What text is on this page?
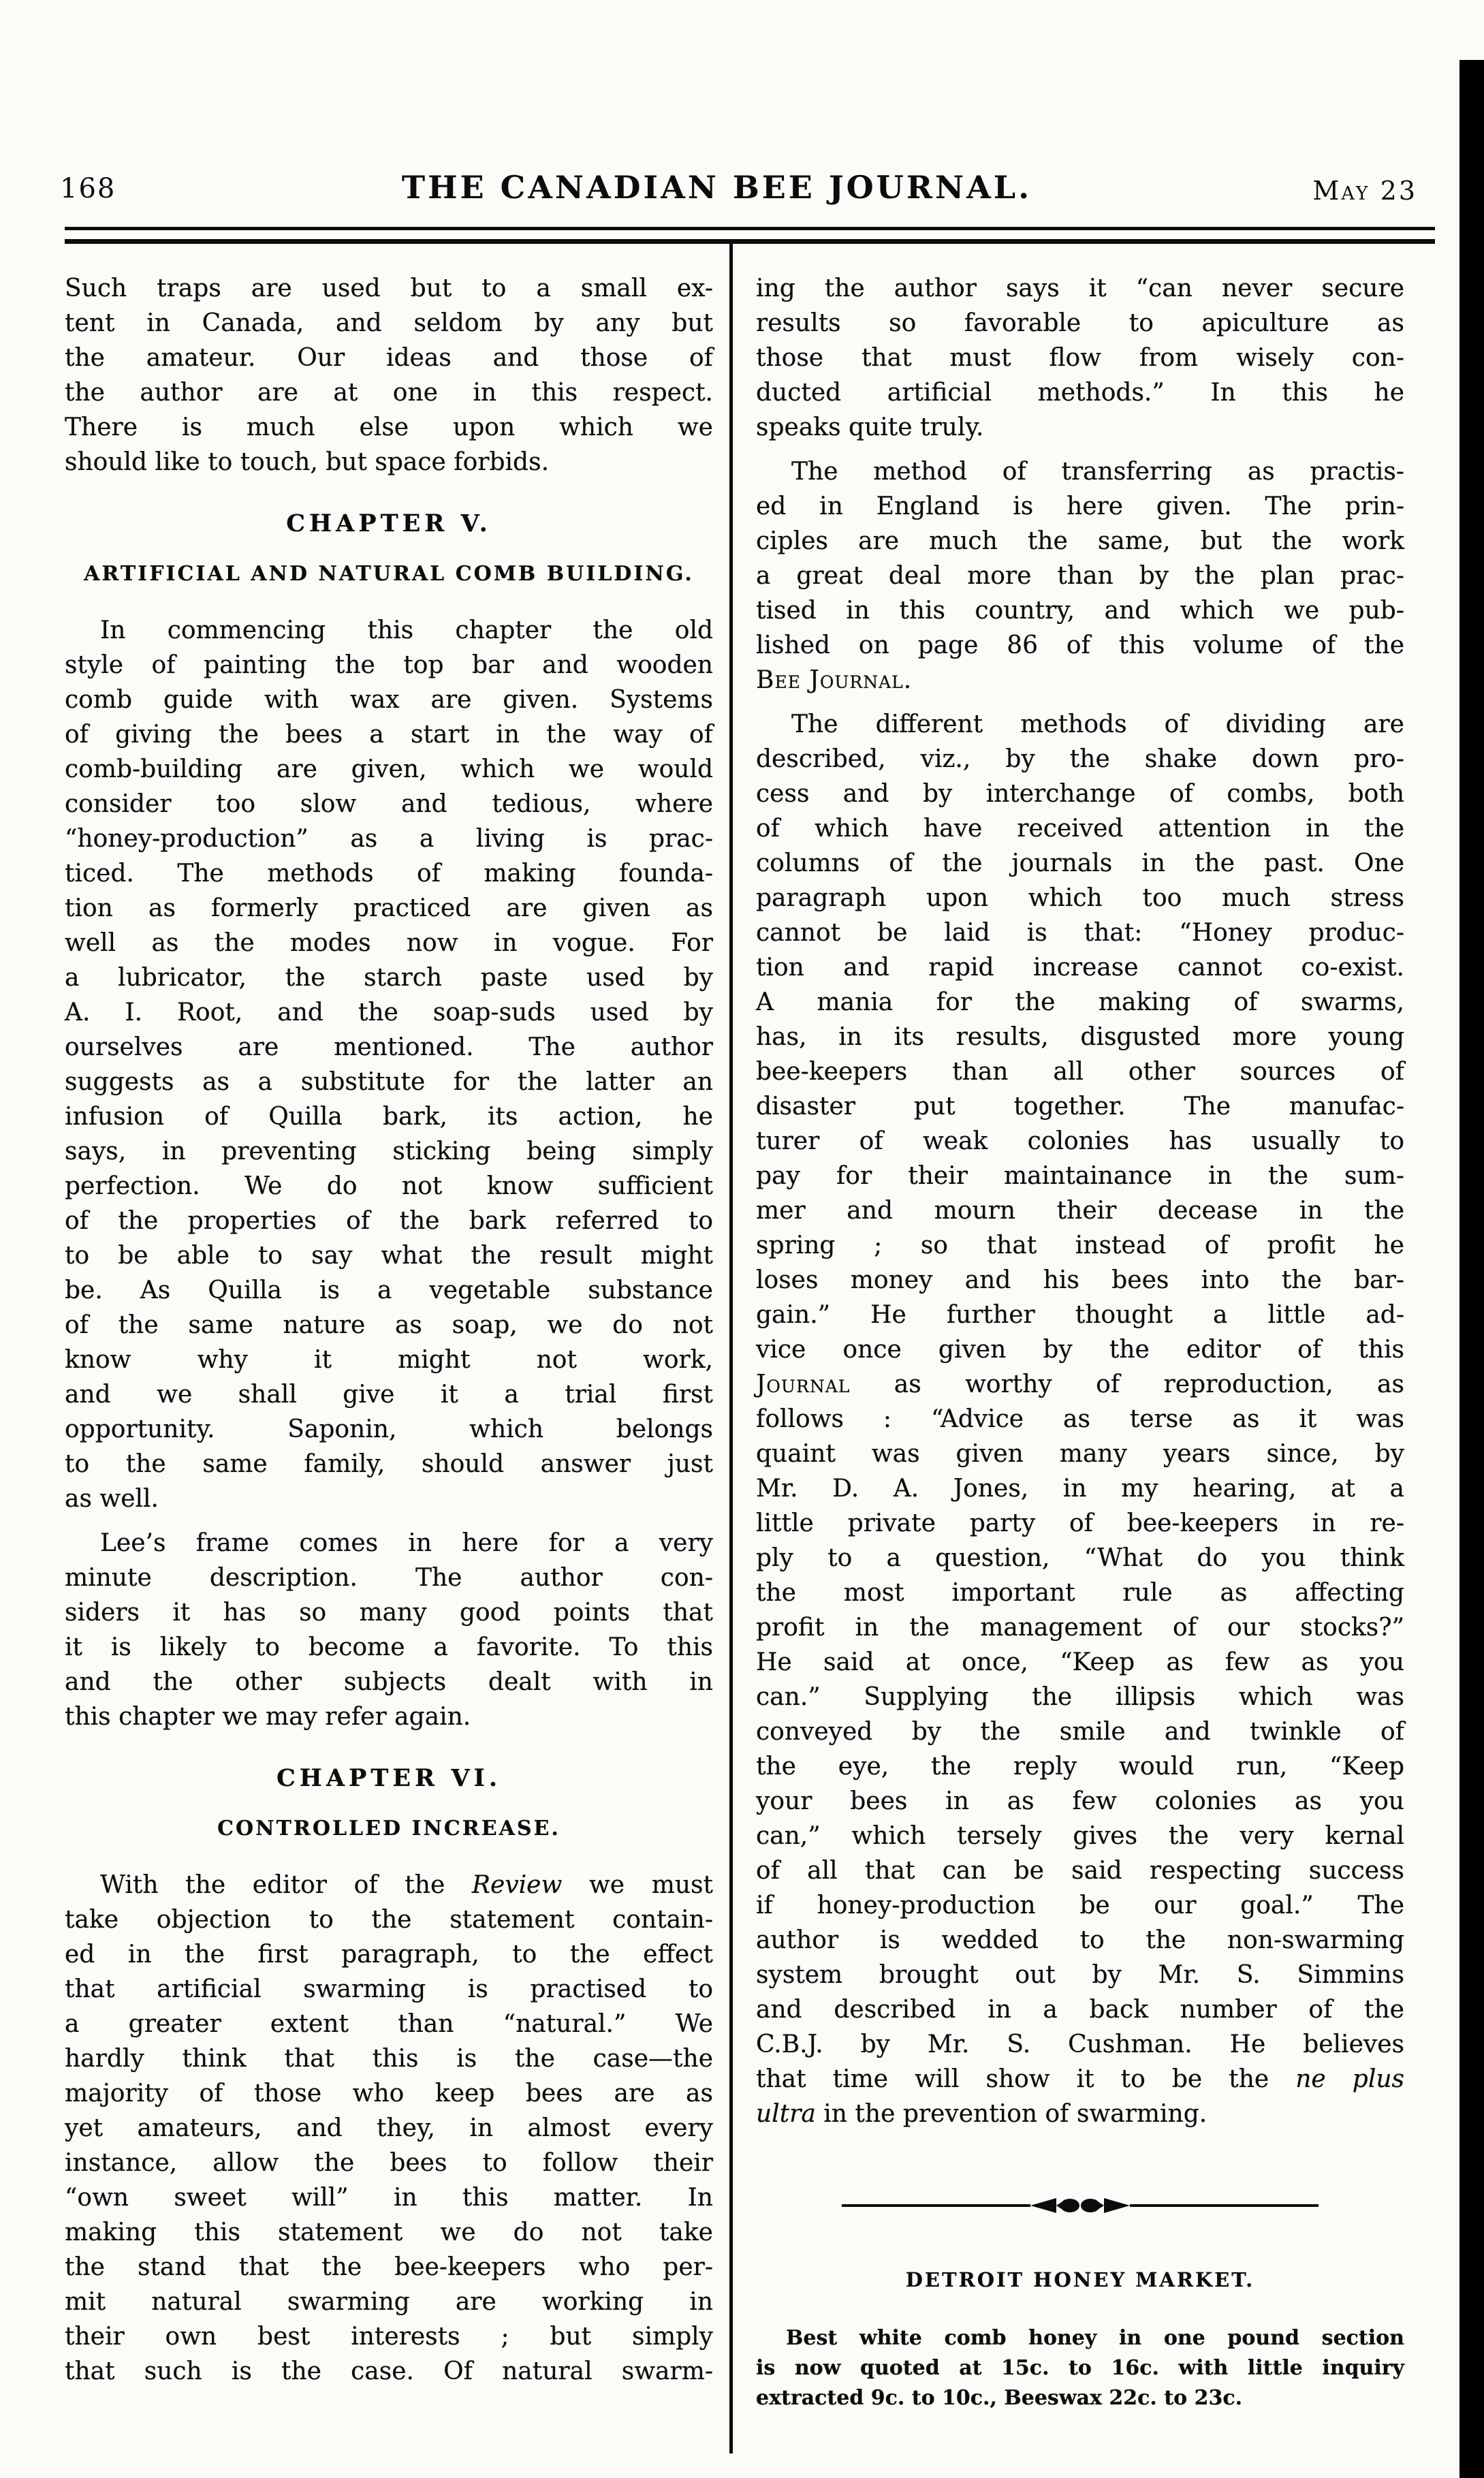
168	THE CANADIAN BEE JOURNAL.	May 23
Such traps are used but to a small ex-
tent in Canada, and seldom by any but
the amateur. Our ideas and those of
the author are at one in this respect.
There is much else upon which we
should like to touch, but space forbids.
CHAPTER V.
ARTIFICIAL AND NATURAL COMB BUILDING.
In commencing this chapter the old
style of painting the top bar and wooden
comb guide with wax are given. Systems
of giving the bees a start in the way of
comb-building are given, which we would
consider too slow and tedious, where
“honey-production” as a living is prac-
ticed. The methods of making founda-
tion as formerly practiced are given as
well as the modes now in vogue. For
a lubricator, the starch paste used by
A. I. Root, and the soap-suds used by
ourselves are mentioned. The author
suggests as a substitute for the latter an
infusion of Quilla bark, its action, he
says, in preventing sticking being simply
perfection. We do not know sufficient
of the properties of the bark referred to
to be able to say what the result might
be. As Quilla is a vegetable substance
of the same nature as soap, we do not
know why it might not work,
and we shall give it a trial first
opportunity. Saponin, which belongs
to the same family, should answer just
as well.
Lee’s frame comes in here for a very
minute description. The author con-
siders it has so many good points that
it is likely to become a favorite. To this
and the other subjects dealt with in
this chapter we may refer again.
CHAPTER VI.
CONTROLLED INCREASE.
With the editor of the Review we must
take objection to the statement contain-
ed in the first paragraph, to the effect
that artificial swarming is practised to
a greater extent than “natural.” We
hardly think that this is the case—the
majority of those who keep bees are as
yet amateurs, and they, in almost every
instance, allow the bees to follow their
“own sweet will” in this matter. In
making this statement we do not take
the stand that the bee-keepers who per-
mit natural swarming are working in
their own best interests ; but simply
that such is the case. Of natural swarm-
ing the author says it “can never secure
results so favorable to apiculture as
those that must flow from wisely con-
ducted artificial methods.” In this he
speaks quite truly.
The method of transferring as practis-
ed in England is here given. The prin-
ciples are much the same, but the work
a great deal more than by the plan prac-
tised in this country, and which we pub-
lished on page 86 of this volume of the
Bee Journal.
The different methods of dividing are
described, viz., by the shake down pro-
cess and by interchange of combs, both
of which have received attention in the
columns of the journals in the past. One
paragraph upon which too much stress
cannot be laid is that: “Honey produc-
tion and rapid increase cannot co-exist.
A mania for the making of swarms,
has, in its results, disgusted more young
bee-keepers than all other sources of
disaster put together. The manufac-
turer of weak colonies has usually to
pay for their maintainance in the sum-
mer and mourn their decease in the
spring ; so that instead of profit he
loses money and his bees into the bar-
gain.” He further thought a little ad-
vice once given by the editor of this
Journal as worthy of reproduction, as
follows : “Advice as terse as it was
quaint was given many years since, by
Mr. D. A. Jones, in my hearing, at a
little private party of bee-keepers in re-
ply to a question, “What do you think
the most important rule as affecting
profit in the management of our stocks?”
He said at once, “Keep as few as you
can.” Supplying the illipsis which was
conveyed by the smile and twinkle of
the eye, the reply would run, “Keep
your bees in as few colonies as you
can,” which tersely gives the very kernal
of all that can be said respecting success
if honey-production be our goal.” The
author is wedded to the non-swarming
system brought out by Mr. S. Simmins
and described in a back number of the
C.B.J. by Mr. S. Cushman. He believes
that time will show it to be the ne plus
ultra in the prevention of swarming.
DETROIT HONEY MARKET.
Best white comb honey in one pound section
is now quoted at 15c. to 16c. with little inquiry
extracted 9c. to 10c., Beeswax 22c. to 23c.
